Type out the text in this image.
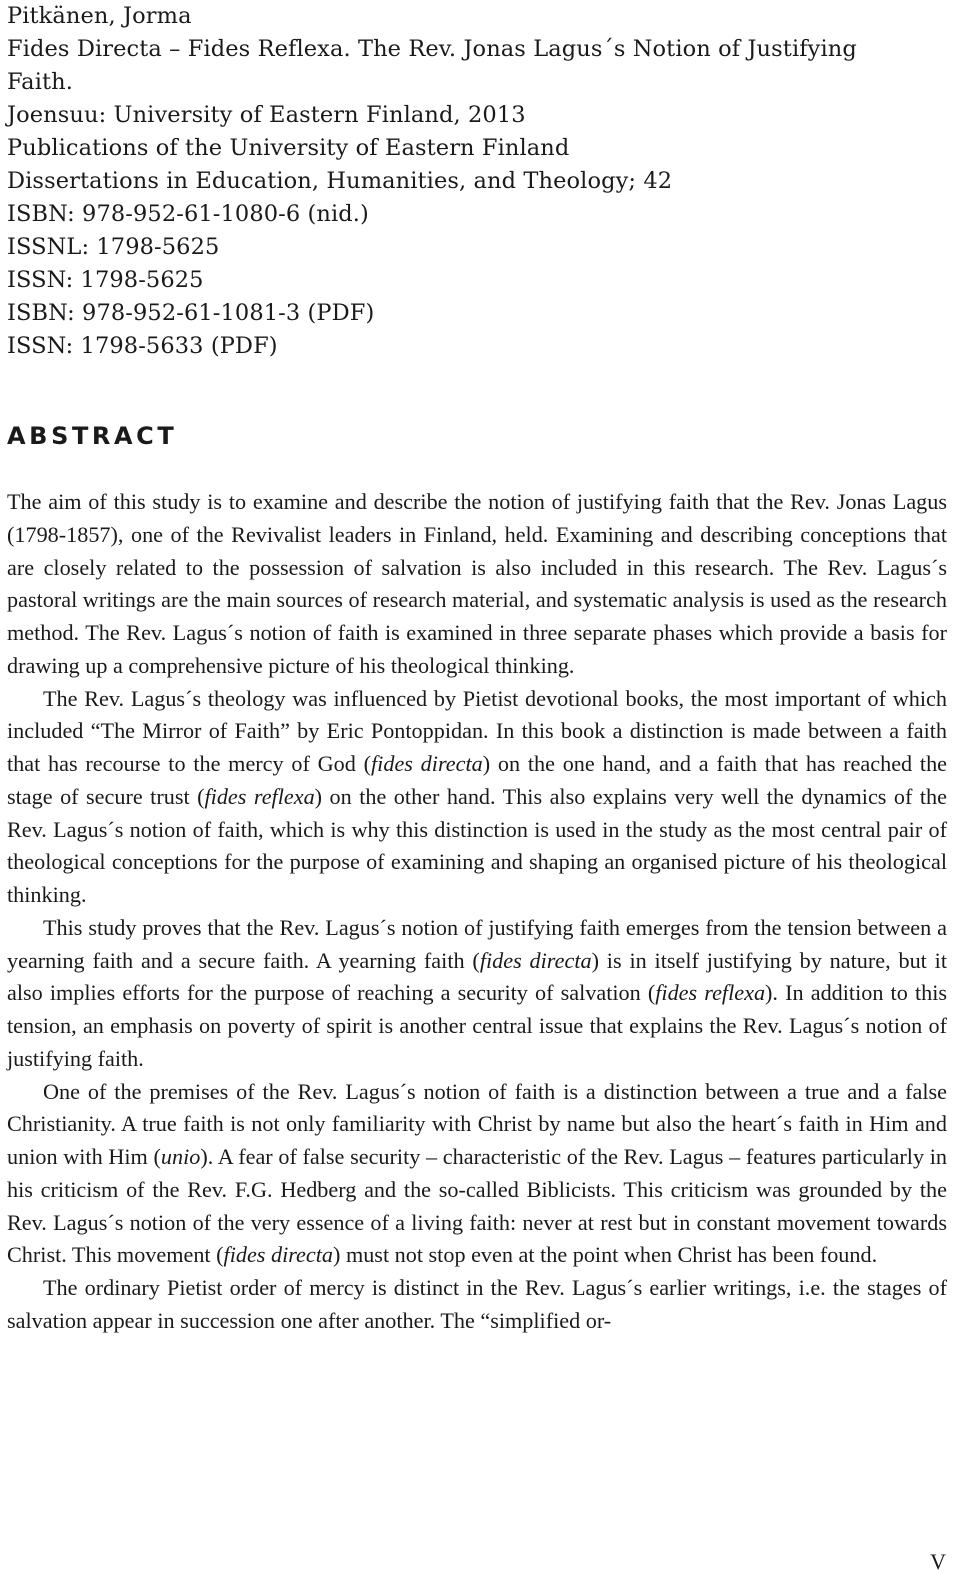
Pitkänen, Jorma
Fides Directa – Fides Reflexa. The Rev. Jonas Lagus´s Notion of Justifying
Faith.
Joensuu: University of Eastern Finland, 2013
Publications of the University of Eastern Finland
Dissertations in Education, Humanities, and Theology; 42
ISBN: 978-952-61-1080-6 (nid.)
ISSNL: 1798-5625
ISSN: 1798-5625
ISBN: 978-952-61-1081-3 (PDF)
ISSN: 1798-5633 (PDF)
ABSTRACT

The aim of this study is to examine and describe the notion of justifying faith that the Rev. Jonas Lagus (1798-1857), one of the Revivalist leaders in Finland, held. Examining and describing conceptions that are closely related to the possession of salvation is also included in this research. The Rev. Lagus´s pastoral writings are the main sources of research material, and systematic analysis is used as the research method. The Rev. Lagus´s notion of faith is examined in three separate phases which provide a basis for drawing up a comprehensive picture of his theological thinking.

The Rev. Lagus´s theology was influenced by Pietist devotional books, the most important of which included “The Mirror of Faith” by Eric Pontoppidan. In this book a distinction is made between a faith that has recourse to the mercy of God (fides directa) on the one hand, and a faith that has reached the stage of secure trust (fides reflexa) on the other hand. This also explains very well the dynamics of the Rev. Lagus´s notion of faith, which is why this distinction is used in the study as the most central pair of theological conceptions for the purpose of examining and shaping an organised picture of his theological thinking.

This study proves that the Rev. Lagus´s notion of justifying faith emerges from the tension between a yearning faith and a secure faith. A yearning faith (fides directa) is in itself justifying by nature, but it also implies efforts for the purpose of reaching a security of salvation (fides reflexa). In addition to this tension, an emphasis on poverty of spirit is another central issue that explains the Rev. Lagus´s notion of justifying faith.

One of the premises of the Rev. Lagus´s notion of faith is a distinction between a true and a false Christianity. A true faith is not only familiarity with Christ by name but also the heart´s faith in Him and union with Him (unio). A fear of false security – characteristic of the Rev. Lagus – features particularly in his criticism of the Rev. F.G. Hedberg and the so-called Biblicists. This criticism was grounded by the Rev. Lagus´s notion of the very essence of a living faith: never at rest but in constant movement towards Christ. This movement (fides directa) must not stop even at the point when Christ has been found.

The ordinary Pietist order of mercy is distinct in the Rev. Lagus´s earlier writings, i.e. the stages of salvation appear in succession one after another. The “simplified or-

V
